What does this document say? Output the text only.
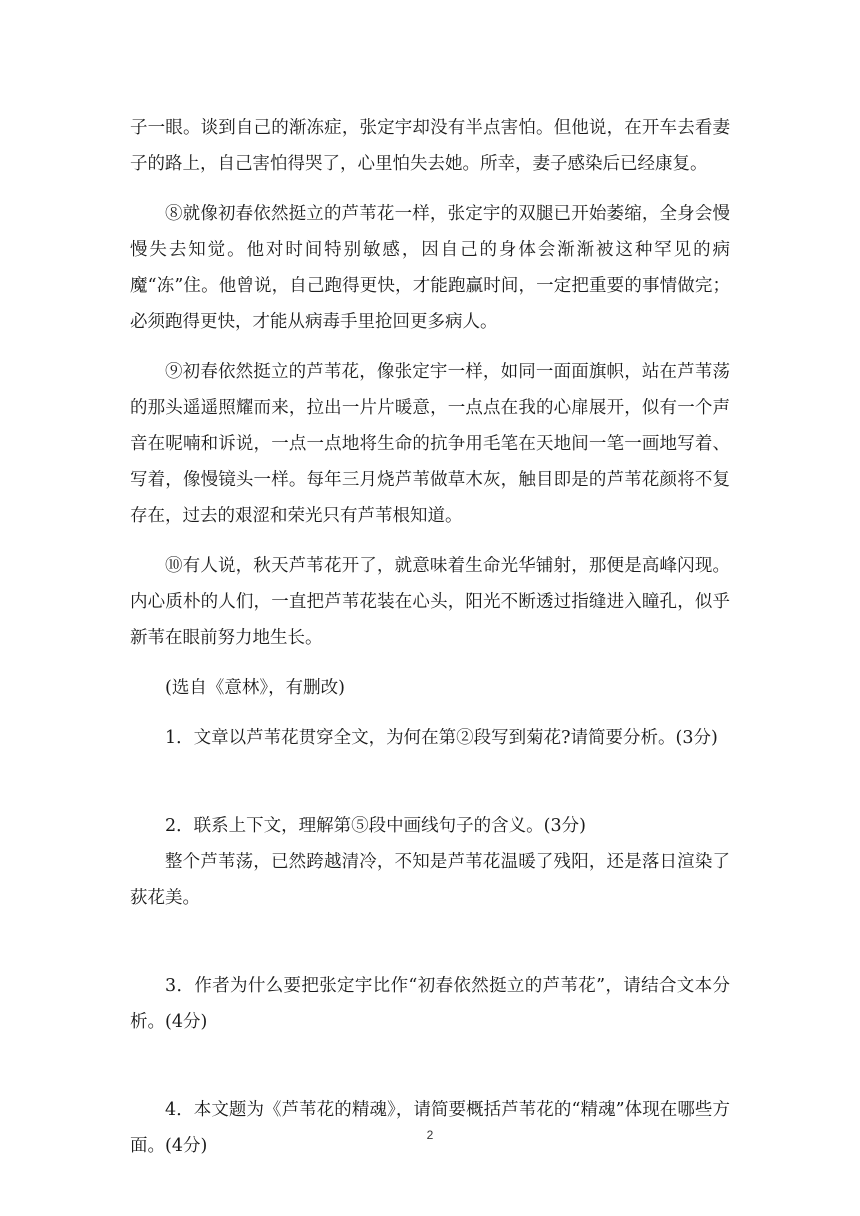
子一眼。谈到自己的渐冻症，张定宇却没有半点害怕。但他说，在开车去看妻子的路上，自己害怕得哭了，心里怕失去她。所幸，妻子感染后已经康复。

⑧就像初春依然挺立的芦苇花一样，张定宇的双腿已开始萎缩，全身会慢慢失去知觉。他对时间特别敏感，因自己的身体会渐渐被这种罕见的病魔“冻”住。他曾说，自己跑得更快，才能跑赢时间，一定把重要的事情做完；必须跑得更快，才能从病毒手里抢回更多病人。

⑨初春依然挺立的芦苇花，像张定宇一样，如同一面面旗帜，站在芦苇荡的那头遥遥照耀而来，拉出一片片暖意，一点点在我的心扉展开，似有一个声音在呢喃和诉说，一点一点地将生命的抗争用毛笔在天地间一笔一画地写着、写着，像慢镜头一样。每年三月烧芦苇做草木灰，触目即是的芦苇花颜将不复存在，过去的艰涩和荣光只有芦苇根知道。

⑩有人说，秋天芦苇花开了，就意味着生命光华铺射，那便是高峰闪现。内心质朴的人们，一直把芦苇花装在心头，阳光不断透过指缝进入瞳孔，似乎新苇在眼前努力地生长。

(选自《意林》，有删改)

1．文章以芦苇花贯穿全文，为何在第②段写到菊花?请简要分析。(3分)

2．联系上下文，理解第⑤段中画线句子的含义。(3分)

整个芦苇荡，已然跨越清冷，不知是芦苇花温暖了残阳，还是落日渲染了荻花美。

3．作者为什么要把张定宇比作“初春依然挺立的芦苇花”，请结合文本分析。(4分)

4．本文题为《芦苇花的精魂》，请简要概括芦苇花的“精魂”体现在哪些方面。(4分)

2
